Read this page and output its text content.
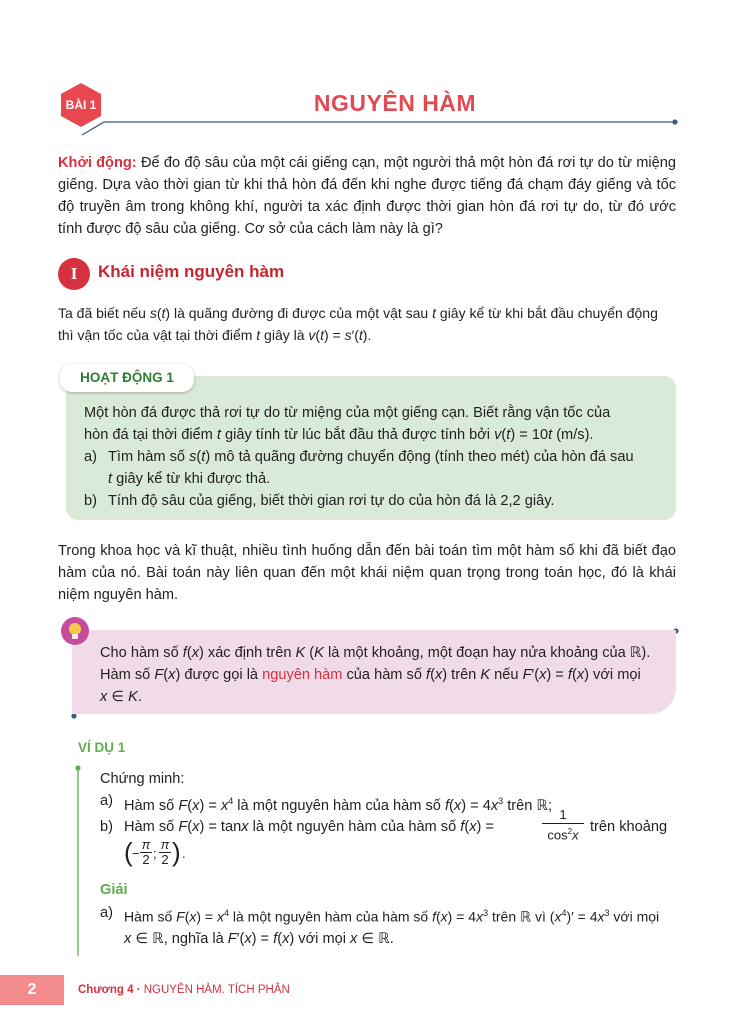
BÀI 1	NGUYÊN HÀM

Khởi động: Để đo độ sâu của một cái giếng cạn, một người thả một hòn đá rơi tự do từ miệng giếng. Dựa vào thời gian từ khi thả hòn đá đến khi nghe được tiếng đá chạm đáy giếng và tốc độ truyền âm trong không khí, người ta xác định được thời gian hòn đá rơi tự do, từ đó ước tính được độ sâu của giếng. Cơ sở của cách làm này là gì?

I	Khái niệm nguyên hàm
Ta đã biết nếu s(t) là quãng đường đi được của một vật sau t giây kể từ khi bắt đầu chuyển động
thì vận tốc của vật tại thời điểm t giây là v(t) = s′(t).
HOẠT ĐỘNG 1
Một hòn đá được thả rơi tự do từ miệng của một giếng cạn. Biết rằng vận tốc của
hòn đá tại thời điểm t giây tính từ lúc bắt đầu thả được tính bởi v(t) = 10t (m/s).
a) Tìm hàm số s(t) mô tả quãng đường chuyển động (tính theo mét) của hòn đá sau
t giây kể từ khi được thả.
b) Tính độ sâu của giếng, biết thời gian rơi tự do của hòn đá là 2,2 giây.

Trong khoa học và kĩ thuật, nhiều tình huống dẫn đến bài toán tìm một hàm số khi đã biết đạo hàm của nó. Bài toán này liên quan đến một khái niệm quan trọng trong toán học, đó là khái niệm nguyên hàm.

Cho hàm số f(x) xác định trên K (K là một khoảng, một đoạn hay nửa khoảng của ℝ).
Hàm số F(x) được gọi là nguyên hàm của hàm số f(x) trên K nếu F′(x) = f(x) với mọi
x ∈ K.
VÍ DỤ 1
Chứng minh:
a) Hàm số $F(x) = x^4$ là một nguyên hàm của hàm số $f(x) = 4x^3$ trên ℝ;
b) Hàm số F(x) = tanx là một nguyên hàm của hàm số f(x) =
1
$\cos^2x$ trên khoảng
( −
π
2 ;
π
2 ) .
Giải
a) Hàm số $F(x) = x^4$ là một nguyên hàm của hàm số $f(x) = 4x^3$ trên ℝ vì $(x^4)' = 4x^3$ với mọi
x ∈ ℝ, nghĩa là F′(x) = f(x) với mọi x ∈ ℝ.
2	Chương 4 · NGUYÊN HÀM. TÍCH PHÂN
